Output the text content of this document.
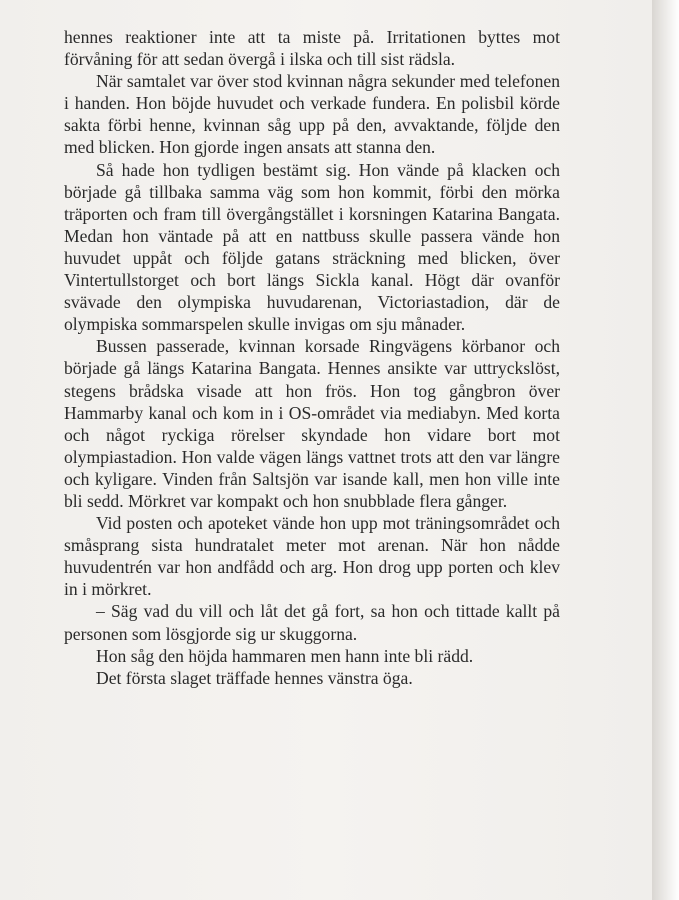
hennes reaktioner inte att ta miste på. Irritationen byttes mot förvåning för att sedan övergå i ilska och till sist rädsla.

När samtalet var över stod kvinnan några sekunder med telefonen i handen. Hon böjde huvudet och verkade fundera. En polisbil körde sakta förbi henne, kvinnan såg upp på den, avvaktande, följde den med blicken. Hon gjorde ingen ansats att stanna den.

Så hade hon tydligen bestämt sig. Hon vände på klacken och började gå tillbaka samma väg som hon kommit, förbi den mörka träporten och fram till övergångstället i korsningen Katarina Bangata. Medan hon väntade på att en nattbuss skulle passera vände hon huvudet uppåt och följde gatans sträckning med blicken, över Vintertullstorget och bort längs Sickla kanal. Högt där ovanför svävade den olympiska huvudarenan, Victoriastadion, där de olympiska sommarspelen skulle invigas om sju månader.

Bussen passerade, kvinnan korsade Ringvägens körbanor och började gå längs Katarina Bangata. Hennes ansikte var uttryckslöst, stegens brådska visade att hon frös. Hon tog gångbron över Hammarby kanal och kom in i OS-området via mediabyn. Med korta och något ryckiga rörelser skyndade hon vidare bort mot olympiastadion. Hon valde vägen längs vattnet trots att den var längre och kyligare. Vinden från Saltsjön var isande kall, men hon ville inte bli sedd. Mörkret var kompakt och hon snubblade flera gånger.

Vid posten och apoteket vände hon upp mot träningsområdet och småsprang sista hundratalet meter mot arenan. När hon nådde huvudentrén var hon andfådd och arg. Hon drog upp porten och klev in i mörkret.

– Säg vad du vill och låt det gå fort, sa hon och tittade kallt på personen som lösgjorde sig ur skuggorna.

Hon såg den höjda hammaren men hann inte bli rädd.

Det första slaget träffade hennes vänstra öga.
